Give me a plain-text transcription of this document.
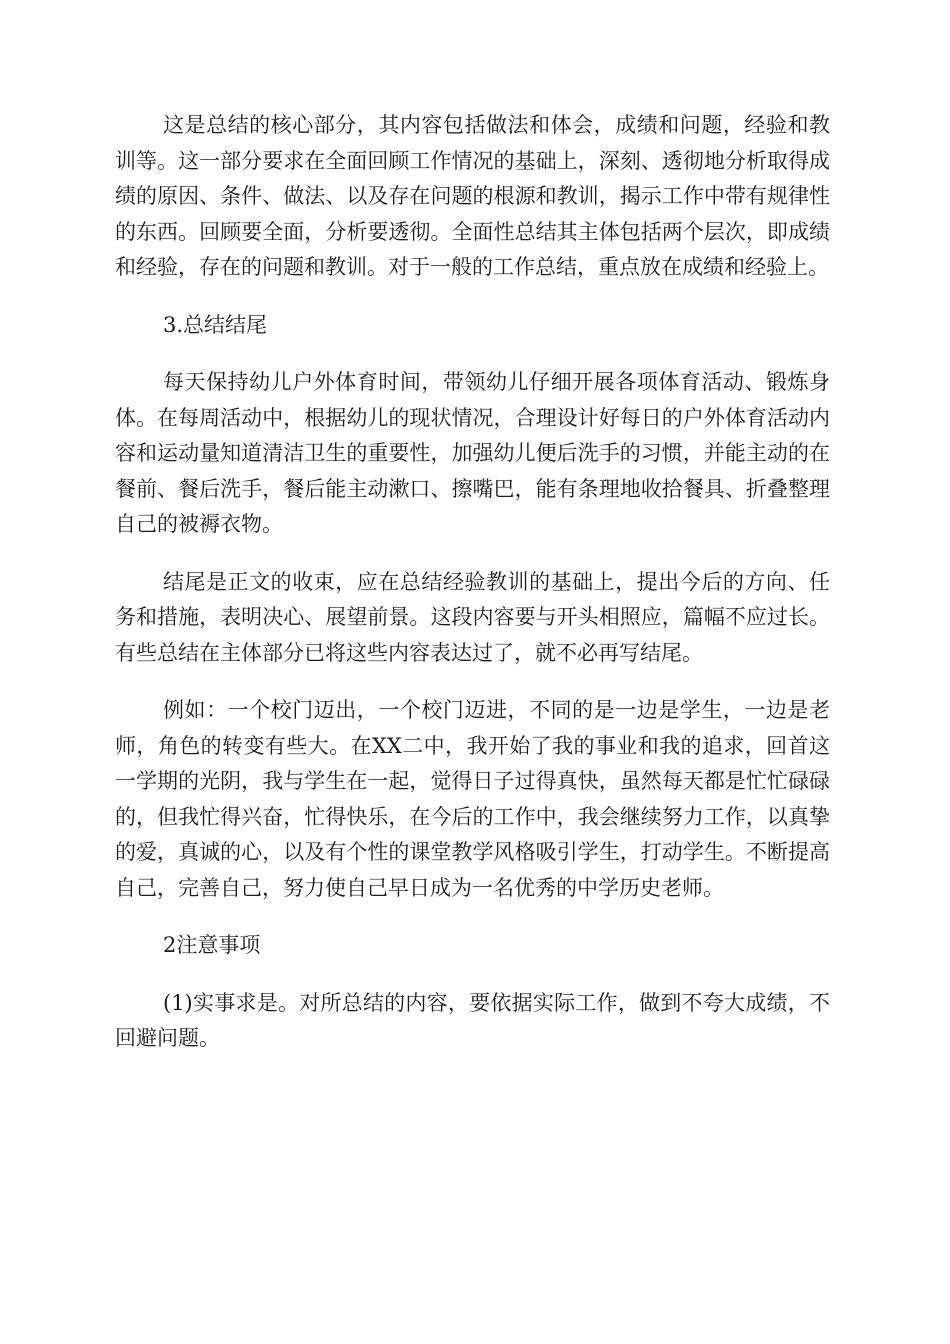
这是总结的核心部分，其内容包括做法和体会，成绩和问题，经验和教训等。这一部分要求在全面回顾工作情况的基础上，深刻、透彻地分析取得成绩的原因、条件、做法、以及存在问题的根源和教训，揭示工作中带有规律性的东西。回顾要全面，分析要透彻。全面性总结其主体包括两个层次，即成绩和经验，存在的问题和教训。对于一般的工作总结，重点放在成绩和经验上。

3.总结结尾

每天保持幼儿户外体育时间，带领幼儿仔细开展各项体育活动、锻炼身体。在每周活动中，根据幼儿的现状情况，合理设计好每日的户外体育活动内容和运动量知道清洁卫生的重要性，加强幼儿便后洗手的习惯，并能主动的在餐前、餐后洗手，餐后能主动漱口、擦嘴巴，能有条理地收拾餐具、折叠整理自己的被褥衣物。

结尾是正文的收束，应在总结经验教训的基础上，提出今后的方向、任务和措施，表明决心、展望前景。这段内容要与开头相照应，篇幅不应过长。有些总结在主体部分已将这些内容表达过了，就不必再写结尾。

例如：一个校门迈出，一个校门迈进，不同的是一边是学生，一边是老师，角色的转变有些大。在XX二中，我开始了我的事业和我的追求，回首这一学期的光阴，我与学生在一起，觉得日子过得真快，虽然每天都是忙忙碌碌的，但我忙得兴奋，忙得快乐，在今后的工作中，我会继续努力工作，以真挚的爱，真诚的心，以及有个性的课堂教学风格吸引学生，打动学生。不断提高自己，完善自己，努力使自己早日成为一名优秀的中学历史老师。

2注意事项

(1)实事求是。对所总结的内容，要依据实际工作，做到不夸大成绩，不回避问题。
